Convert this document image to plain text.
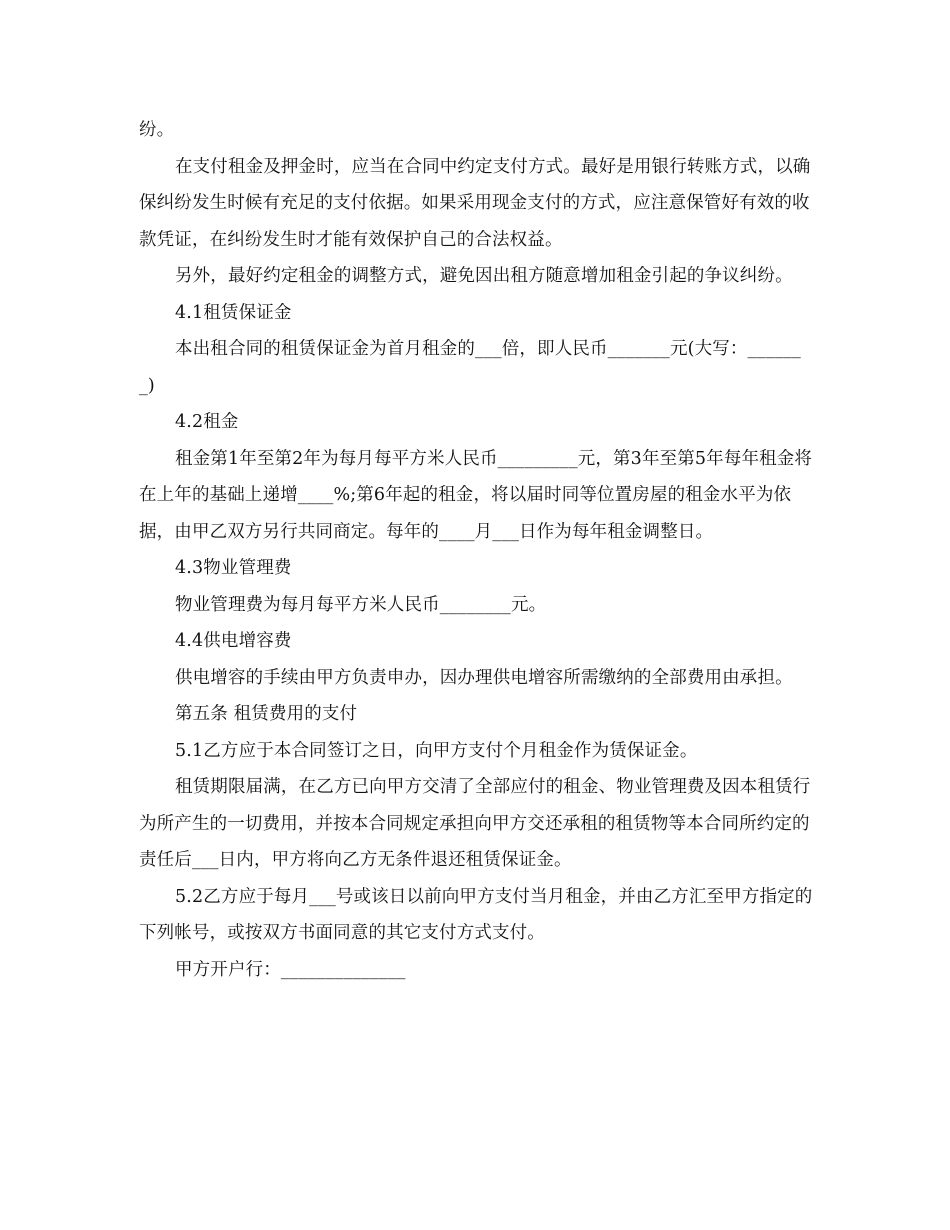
纷。

在支付租金及押金时，应当在合同中约定支付方式。最好是用银行转账方式，以确保纠纷发生时候有充足的支付依据。如果采用现金支付的方式，应注意保管好有效的收款凭证，在纠纷发生时才能有效保护自己的合法权益。

另外，最好约定租金的调整方式，避免因出租方随意增加租金引起的争议纠纷。

4.1租赁保证金

本出租合同的租赁保证金为首月租金的___倍，即人民币_______元(大写：_______)

4.2租金

租金第1年至第2年为每月每平方米人民币_________元，第3年至第5年每年租金将在上年的基础上递增____%;第6年起的租金，将以届时同等位置房屋的租金水平为依据，由甲乙双方另行共同商定。每年的____月___日作为每年租金调整日。

4.3物业管理费

物业管理费为每月每平方米人民币________元。

4.4供电增容费

供电增容的手续由甲方负责申办，因办理供电增容所需缴纳的全部费用由承担。

第五条 租赁费用的支付

5.1乙方应于本合同签订之日，向甲方支付个月租金作为赁保证金。

租赁期限届满，在乙方已向甲方交清了全部应付的租金、物业管理费及因本租赁行为所产生的一切费用，并按本合同规定承担向甲方交还承租的租赁物等本合同所约定的责任后___日内，甲方将向乙方无条件退还租赁保证金。

5.2乙方应于每月___号或该日以前向甲方支付当月租金，并由乙方汇至甲方指定的下列帐号，或按双方书面同意的其它支付方式支付。

甲方开户行：______________
